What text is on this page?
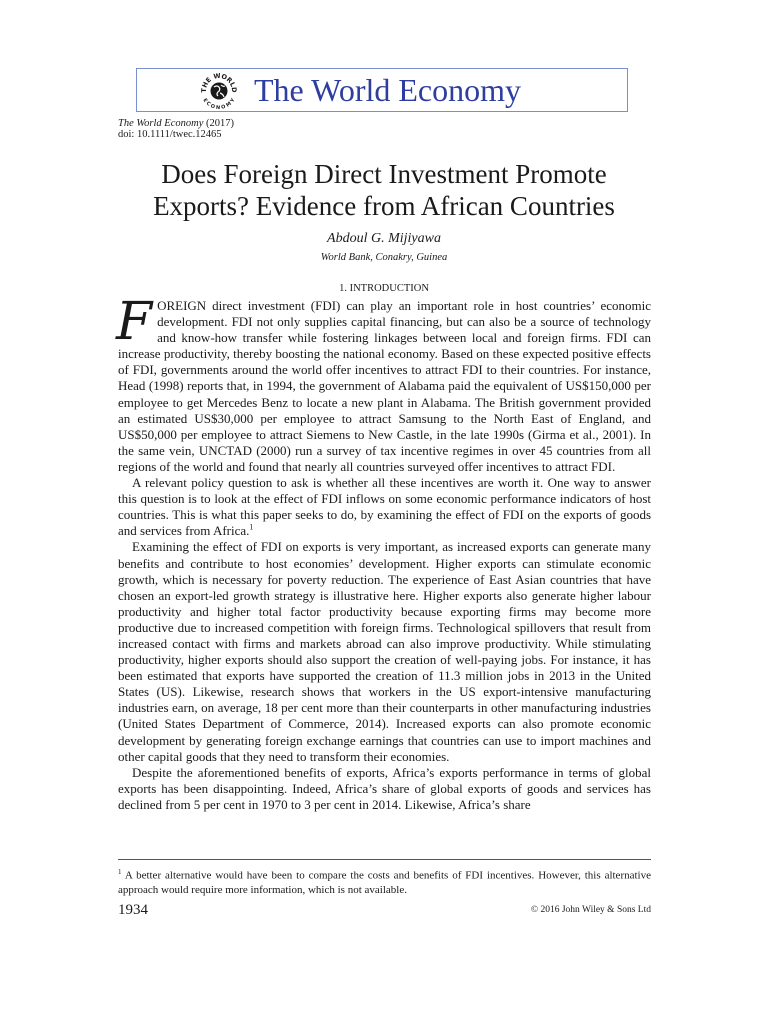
HE WORL
ECONOMY The World Economy
The World Economy (2017)
doi: 10.1111/twec.12465
Does Foreign Direct Investment Promote
Exports? Evidence from African Countries
Abdoul G. Mijiyawa
World Bank, Conakry, Guinea
1. INTRODUCTION

FOREIGN direct investment (FDI) can play an important role in host countries’ economic development. FDI not only supplies capital financing, but can also be a source of technology and know-how transfer while fostering linkages between local and foreign firms. FDI can increase productivity, thereby boosting the national economy. Based on these expected positive effects of FDI, governments around the world offer incentives to attract FDI to their countries. For instance, Head (1998) reports that, in 1994, the government of Alabama paid the equivalent of US$150,000 per employee to get Mercedes Benz to locate a new plant in Alabama. The British government provided an estimated US$30,000 per employee to attract Samsung to the North East of England, and US$50,000 per employee to attract Siemens to New Castle, in the late 1990s (Girma et al., 2001). In the same vein, UNCTAD (2000) run a survey of tax incentive regimes in over 45 countries from all regions of the world and found that nearly all countries surveyed offer incentives to attract FDI.

A relevant policy question to ask is whether all these incentives are worth it. One way to answer this question is to look at the effect of FDI inflows on some economic performance indicators of host countries. This is what this paper seeks to do, by examining the effect of FDI on the exports of goods and services from Africa.$^1$

Examining the effect of FDI on exports is very important, as increased exports can generate many benefits and contribute to host economies’ development. Higher exports can stimulate economic growth, which is necessary for poverty reduction. The experience of East Asian countries that have chosen an export-led growth strategy is illustrative here. Higher exports also generate higher labour productivity and higher total factor productivity because exporting firms may become more productive due to increased competition with foreign firms. Technological spillovers that result from increased contact with firms and markets abroad can also improve productivity. While stimulating productivity, higher exports should also support the creation of well-paying jobs. For instance, it has been estimated that exports have supported the creation of 11.3 million jobs in 2013 in the United States (US). Likewise, research shows that workers in the US export-intensive manufacturing industries earn, on average, 18 per cent more than their counterparts in other manufacturing industries (United States Department of Commerce, 2014). Increased exports can also promote economic development by generating foreign exchange earnings that countries can use to import machines and other capital goods that they need to transform their economies.

Despite the aforementioned benefits of exports, Africa’s exports performance in terms of global exports has been disappointing. Indeed, Africa’s share of global exports of goods and services has declined from 5 per cent in 1970 to 3 per cent in 2014. Likewise, Africa’s share

$^1$ A better alternative would have been to compare the costs and benefits of FDI incentives. However, this alternative approach would require more information, which is not available.
1934	© 2016 John Wiley & Sons Ltd
